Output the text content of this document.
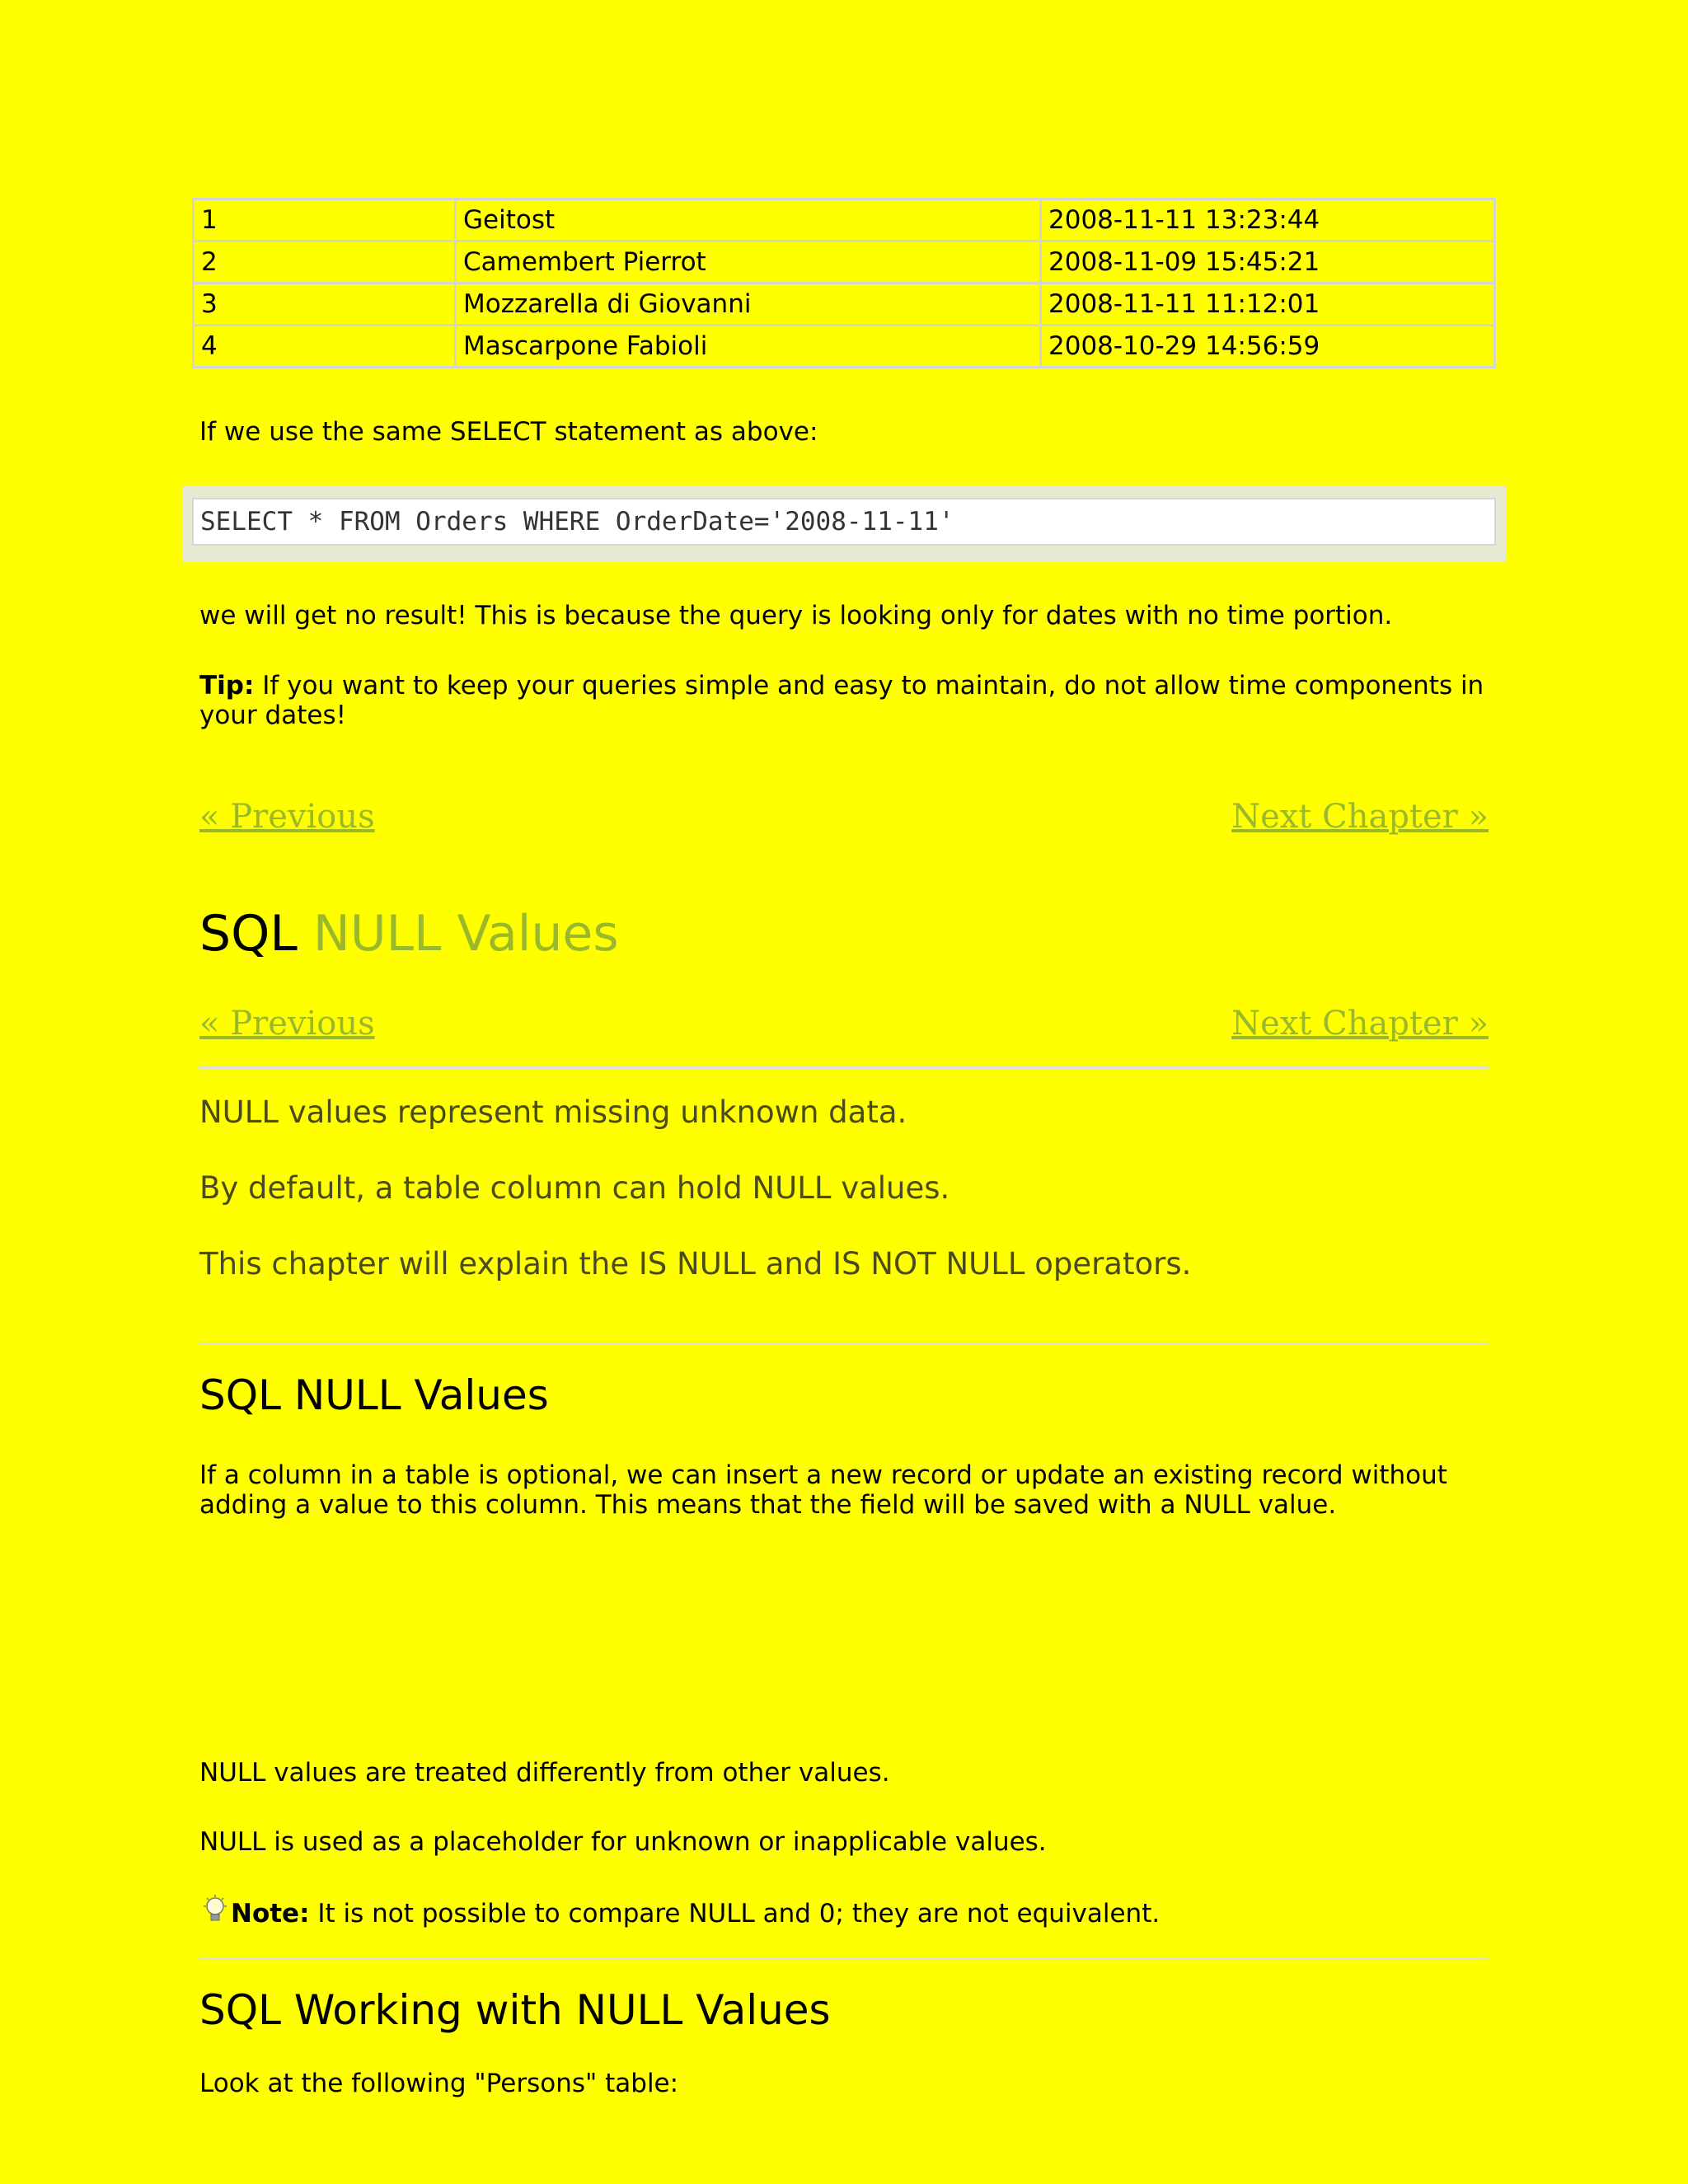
1	Geitost	2008-11-11 13:23:44
2	Camembert Pierrot	2008-11-09 15:45:21
3	Mozzarella di Giovanni	2008-11-11 11:12:01
4	Mascarpone Fabioli	2008-10-29 14:56:59

If we use the same SELECT statement as above:

SELECT * FROM Orders WHERE OrderDate='2008-11-11'

we will get no result! This is because the query is looking only for dates with no time portion.

Tip: If you want to keep your queries simple and easy to maintain, do not allow time components in your dates!

« Previous	Next Chapter »
SQL NULL Values
« Previous	Next Chapter »

NULL values represent missing unknown data.

By default, a table column can hold NULL values.

This chapter will explain the IS NULL and IS NOT NULL operators.

SQL NULL Values

If a column in a table is optional, we can insert a new record or update an existing record without adding a value to this column. This means that the field will be saved with a NULL value.

NULL values are treated differently from other values.

NULL is used as a placeholder for unknown or inapplicable values.

Note: It is not possible to compare NULL and 0; they are not equivalent.

SQL Working with NULL Values

Look at the following "Persons" table:
